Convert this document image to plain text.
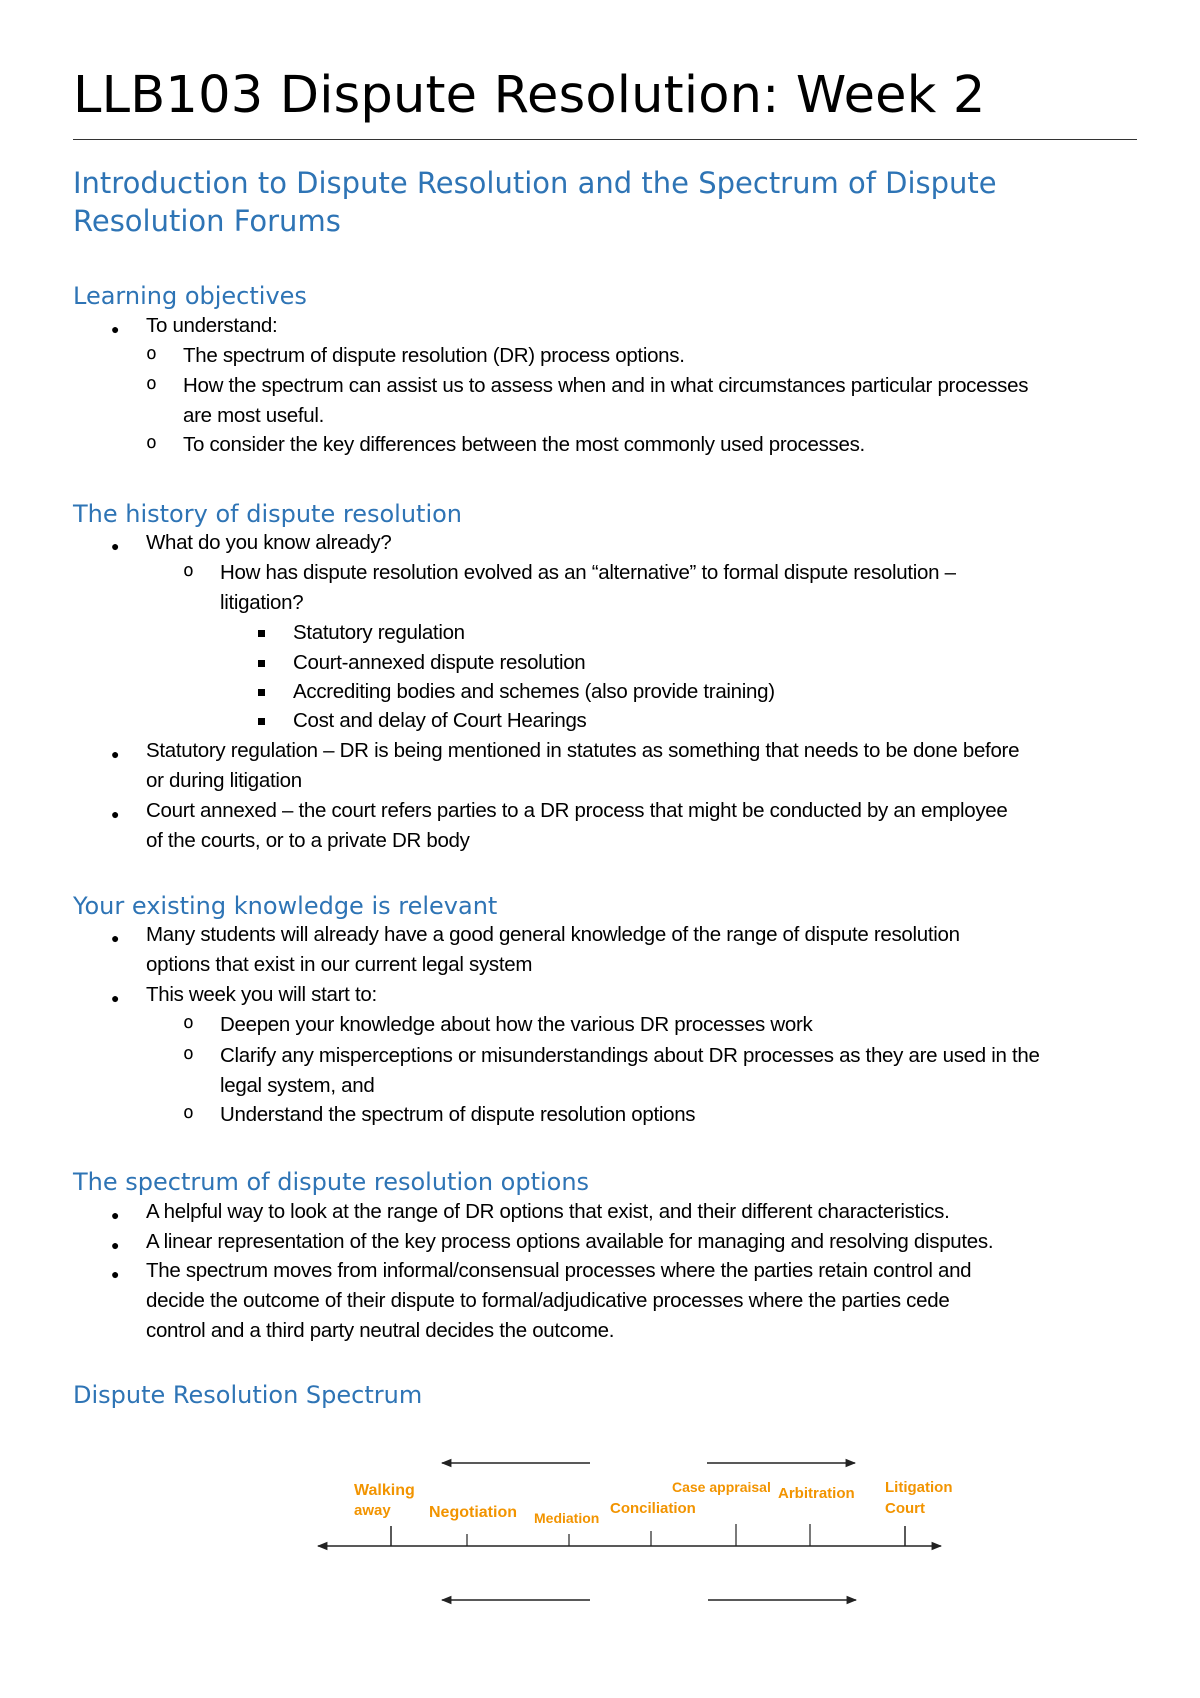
LLB103 Dispute Resolution: Week 2
Introduction to Dispute Resolution and the Spectrum of Dispute
Resolution Forums
Learning objectives
● To understand:
o The spectrum of dispute resolution (DR) process options.
o How the spectrum can assist us to assess when and in what circumstances particular processes
are most useful.
o To consider the key differences between the most commonly used processes.
The history of dispute resolution
● What do you know already?
o How has dispute resolution evolved as an “alternative” to formal dispute resolution –
litigation?
Statutory regulation
Court-annexed dispute resolution
Accrediting bodies and schemes (also provide training)
Cost and delay of Court Hearings
● Statutory regulation – DR is being mentioned in statutes as something that needs to be done before
or during litigation
● Court annexed – the court refers parties to a DR process that might be conducted by an employee
of the courts, or to a private DR body
Your existing knowledge is relevant
● Many students will already have a good general knowledge of the range of dispute resolution
options that exist in our current legal system
● This week you will start to:
o Deepen your knowledge about how the various DR processes work
o Clarify any misperceptions or misunderstandings about DR processes as they are used in the
legal system, and
o Understand the spectrum of dispute resolution options
The spectrum of dispute resolution options
● A helpful way to look at the range of DR options that exist, and their different characteristics.
● A linear representation of the key process options available for managing and resolving disputes.
● The spectrum moves from informal/consensual processes where the parties retain control and
decide the outcome of their dispute to formal/adjudicative processes where the parties cede
control and a third party neutral decides the outcome.
Dispute Resolution Spectrum
Walking
away Negotiation Mediation
Conciliation
Case appraisal Arbitration Litigation
Court
